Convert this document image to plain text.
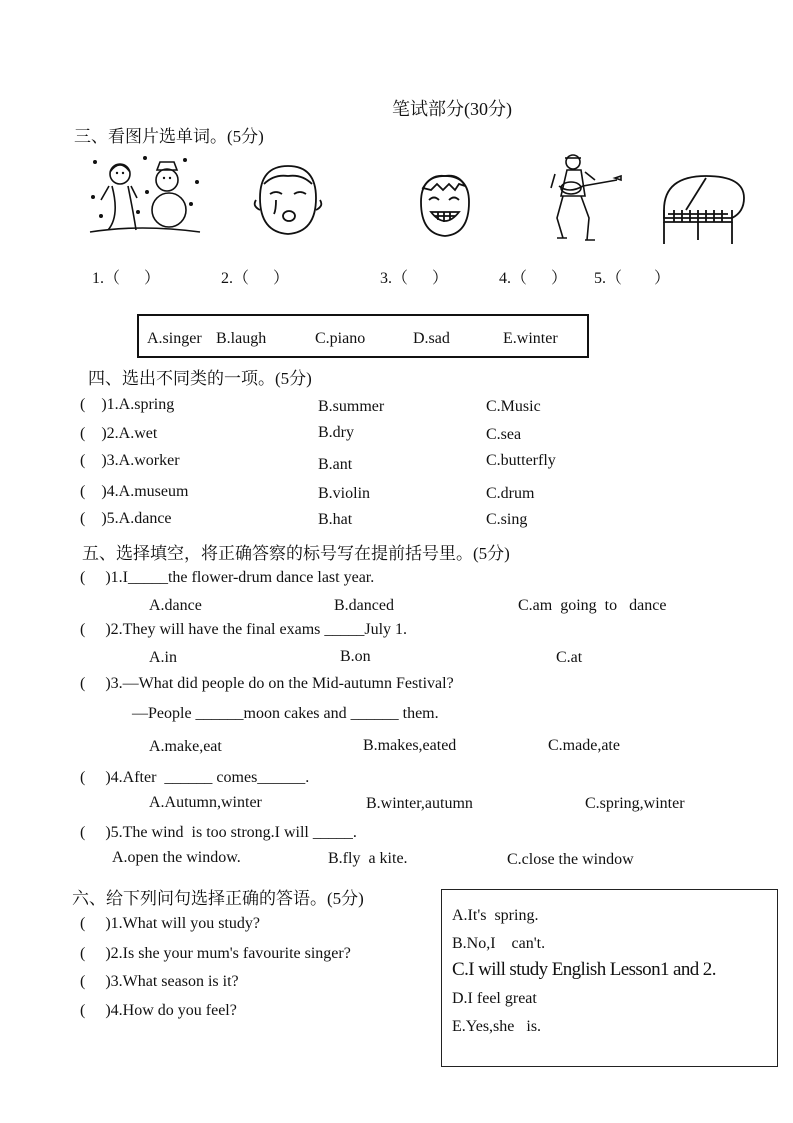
笔试部分(30分)
三、看图片选单词。(5分)
1.（      ）	2.（      ）	3.（      ）	4.（      ） 5.（        ）
A.singer B.laugh	C.piano	D.sad	E.winter
四、选出不同类的一项。(5分)
(    )1.A.spring	B.summer	C.Music
(    )2.A.wet	B.dry	C.sea
(    )3.A.worker	B.ant	C.butterfly
(    )4.A.museum	B.violin	C.drum
(    )5.A.dance	B.hat	C.sing
五、选择填空，将正确答察的标号写在提前括号里。(5分)
(     )1.I_____the flower-drum dance last year.
A.dance	B.danced	C.am  going  to   dance
(     )2.They will have the final exams _____July 1.
A.in	B.on	C.at
(     )3.—What did people do on the Mid-autumn Festival?
—People ______moon cakes and ______ them.
A.make,eat	B.makes,eated	C.made,ate
(     )4.After  ______ comes______.
A.Autumn,winter	B.winter,autumn	C.spring,winter
(     )5.The wind  is too strong.I will _____.
A.open the window.	B.fly  a kite.	C.close the window
六、给下列问句选择正确的答语。(5分)
(     )1.What will you study?
(     )2.Is she your mum's favourite singer?
(     )3.What season is it?
(     )4.How do you feel?
A.It's  spring.
B.No,I    can't.
C.I will study English Lesson1 and 2.
D.I feel great
E.Yes,she   is.
